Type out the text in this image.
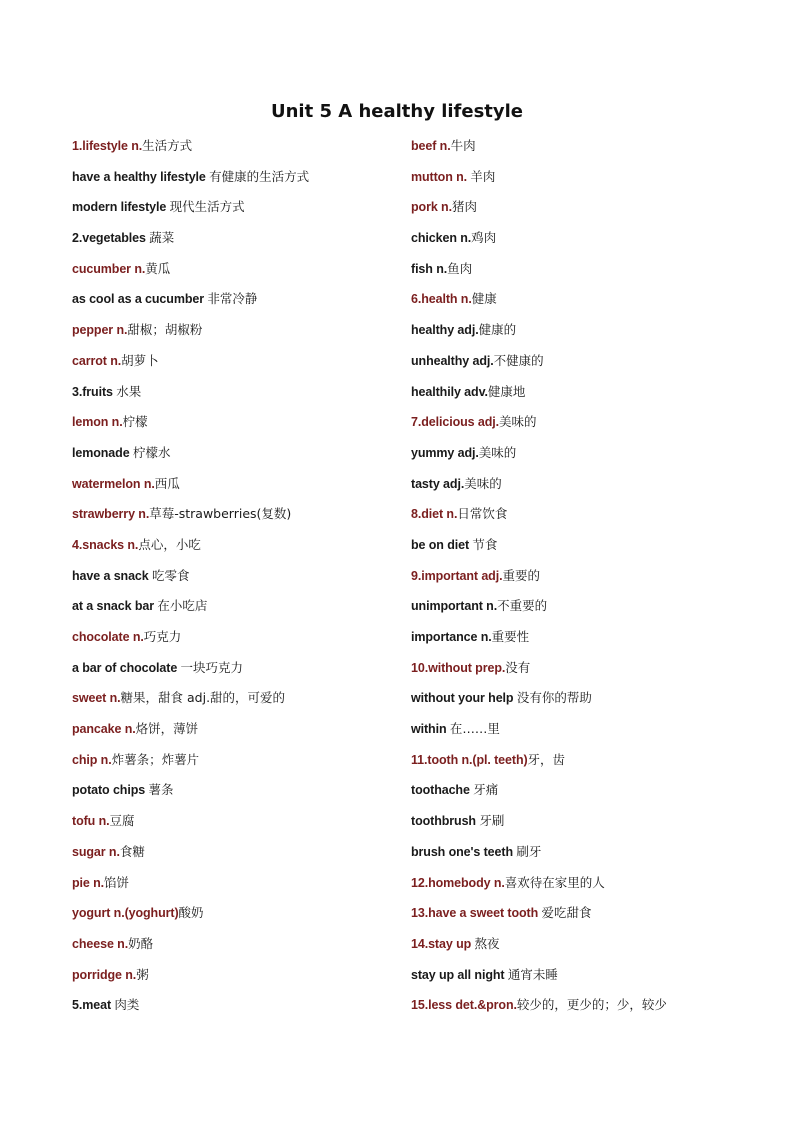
Unit 5 A healthy lifestyle
1.lifestyle n.生活方式
have a healthy lifestyle 有健康的生活方式
modern lifestyle 现代生活方式
2.vegetables 蔬菜
cucumber n.黄瓜
as cool as a cucumber 非常冷静
pepper n.甜椒；胡椒粉
carrot n.胡萝卜
3.fruits 水果
lemon n.柠檬
lemonade 柠檬水
watermelon n.西瓜
strawberry n.草莓-strawberries(复数)
4.snacks n.点心，小吃
have a snack 吃零食
at a snack bar 在小吃店
chocolate n.巧克力
a bar of chocolate 一块巧克力
sweet n.糖果，甜食 adj.甜的，可爱的
pancake n.烙饼，薄饼
chip n.炸薯条；炸薯片
potato chips 薯条
tofu n.豆腐
sugar n.食糖
pie n.馅饼
yogurt n.(yoghurt)酸奶
cheese n.奶酪
porridge n.粥
5.meat 肉类
beef n.牛肉
mutton n. 羊肉
pork n.猪肉
chicken n.鸡肉
fish n.鱼肉
6.health n.健康
healthy adj.健康的
unhealthy adj.不健康的
healthily adv.健康地
7.delicious adj.美味的
yummy adj.美味的
tasty adj.美味的
8.diet n.日常饮食
be on diet 节食
9.important adj.重要的
unimportant n.不重要的
importance n.重要性
10.without prep.没有
without your help 没有你的帮助
within 在……里
11.tooth n.(pl. teeth)牙，齿
toothache 牙痛
toothbrush 牙刷
brush one's teeth 刷牙
12.homebody n.喜欢待在家里的人
13.have a sweet tooth 爱吃甜食
14.stay up 熬夜
stay up all night 通宵未睡
15.less det.&pron.较少的，更少的；少，较少
